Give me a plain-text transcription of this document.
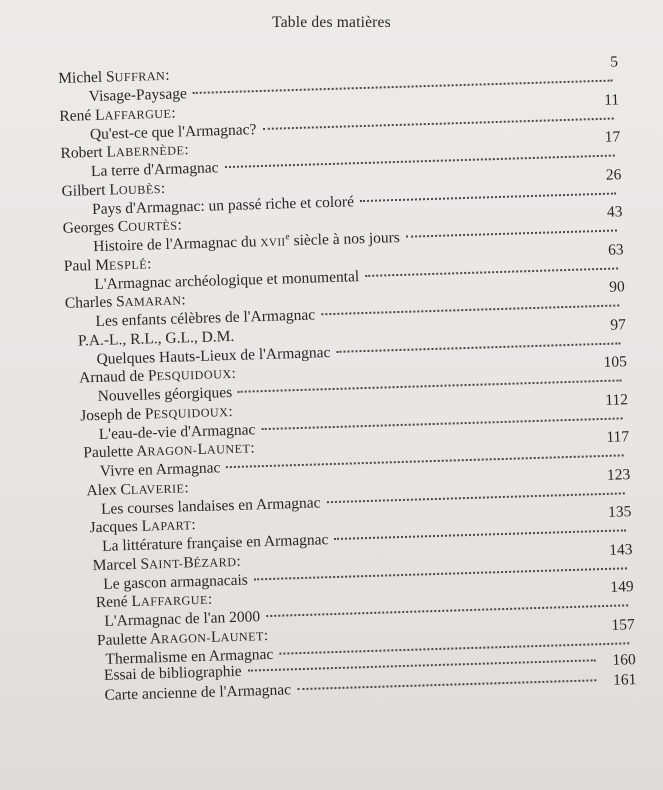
Table des matières
Michel SUFFRAN:
Visage-Paysage
5
René LAFFARGUE:
Qu'est-ce que l'Armagnac?
11
Robert LABERNÈDE:
La terre d'Armagnac
17
Gilbert LOUBÈS:
Pays d'Armagnac: un passé riche et coloré
26
Georges COURTÈS:
Histoire de l'Armagnac du XVIIe siècle à nos jours
43
Paul MESPLÉ:
L'Armagnac archéologique et monumental
63
Charles SAMARAN:
Les enfants célèbres de l'Armagnac
90
P.A.-L., R.L., G.L., D.M.
Quelques Hauts-Lieux de l'Armagnac
97
Arnaud de PESQUIDOUX:
Nouvelles géorgiques
105
Joseph de PESQUIDOUX:
L'eau-de-vie d'Armagnac
112
Paulette ARAGON-LAUNET:
Vivre en Armagnac
117
Alex CLAVERIE:
Les courses landaises en Armagnac
123
Jacques LAPART:
La littérature française en Armagnac
135
Marcel SAINT-BÉZARD:
Le gascon armagnacais
143
René LAFFARGUE:
L'Armagnac de l'an 2000
149
Paulette ARAGON-LAUNET:
Thermalisme en Armagnac
157
Essai de bibliographie
160
Carte ancienne de l'Armagnac
161
